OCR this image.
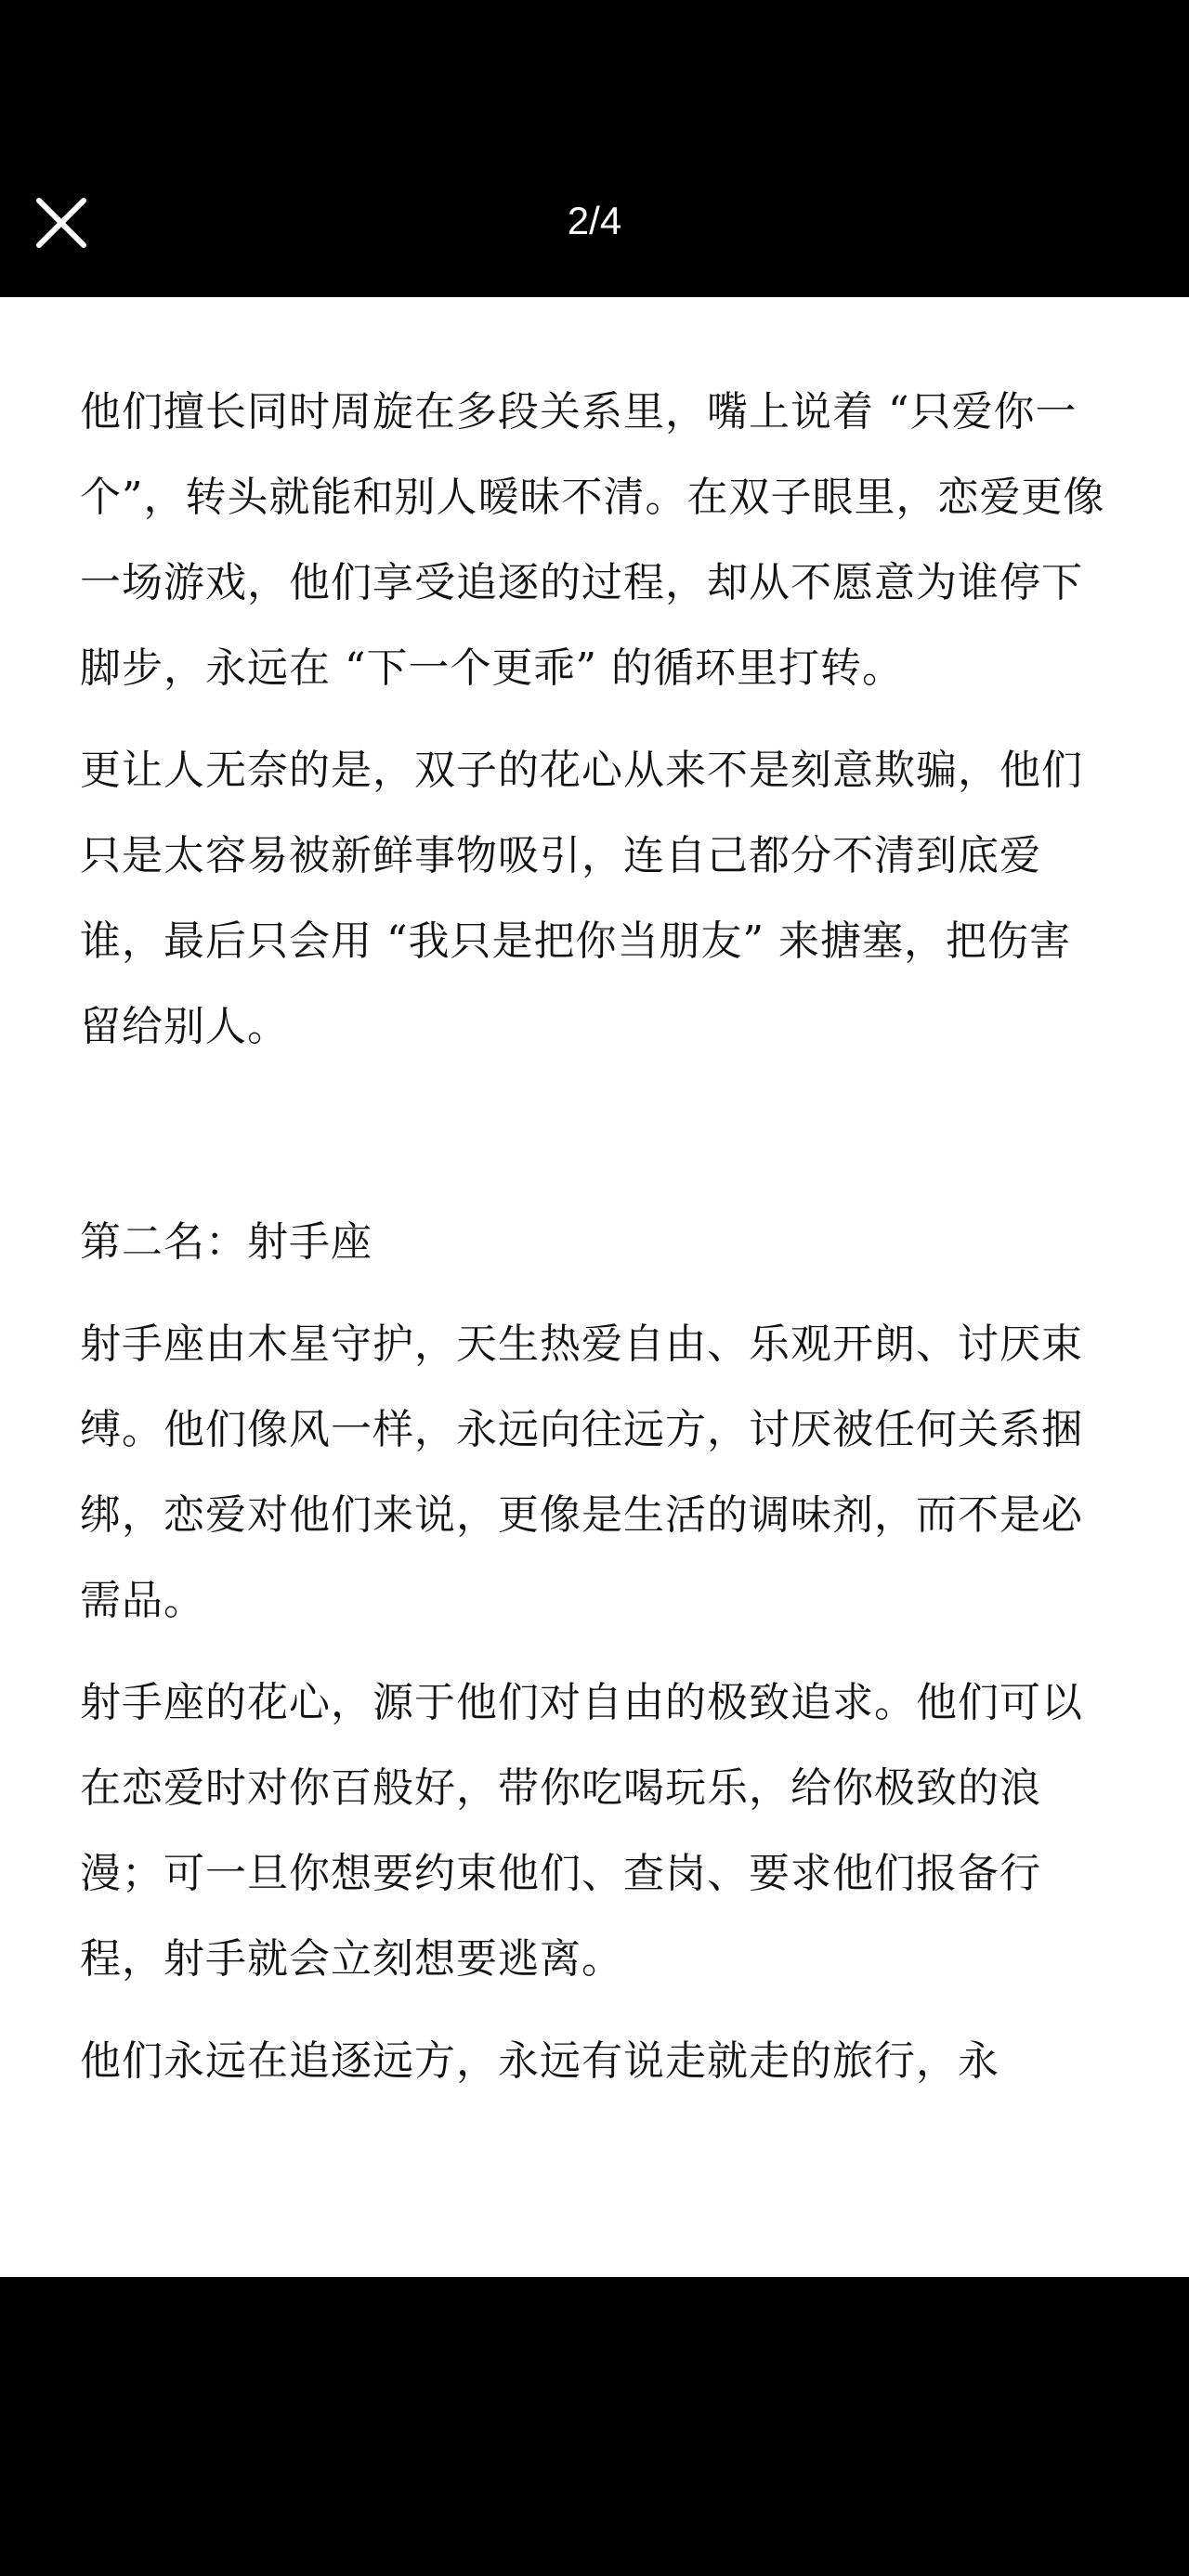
2/4

他们擅长同时周旋在多段关系里，嘴上说着 “只爱你一个”，转头就能和别人暧昧不清。在双子眼里，恋爱更像一场游戏，他们享受追逐的过程，却从不愿意为谁停下脚步，永远在 “下一个更乖” 的循环里打转。

更让人无奈的是，双子的花心从来不是刻意欺骗，他们只是太容易被新鲜事物吸引，连自己都分不清到底爱谁，最后只会用 “我只是把你当朋友” 来搪塞，把伤害留给别人。

第二名：射手座

射手座由木星守护，天生热爱自由、乐观开朗、讨厌束缚。他们像风一样，永远向往远方，讨厌被任何关系捆绑，恋爱对他们来说，更像是生活的调味剂，而不是必需品。

射手座的花心，源于他们对自由的极致追求。他们可以在恋爱时对你百般好，带你吃喝玩乐，给你极致的浪漫；可一旦你想要约束他们、查岗、要求他们报备行程，射手就会立刻想要逃离。

他们永远在追逐远方，永远有说走就走的旅行，永
